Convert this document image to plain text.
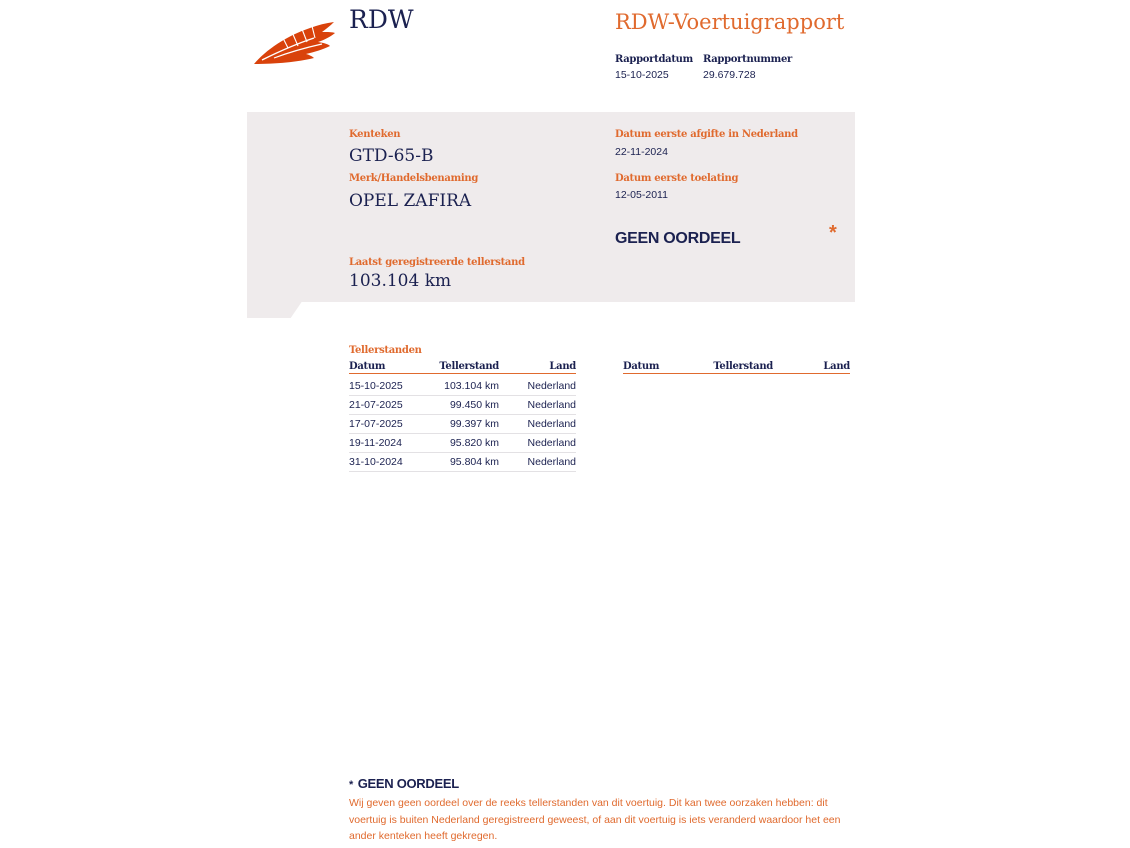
RDW	RDW-Voertuigrapport
Rapportdatum
15-10-2025
Rapportnummer
29.679.728
Kenteken
GTD-65-B
Merk/Handelsbenaming
OPEL ZAFIRA
Datum eerste afgifte in Nederland
22-11-2024
Datum eerste toelating
12-05-2011
GEEN OORDEEL	*
Laatst geregistreerde tellerstand
103.104 km
Tellerstanden
Datum	Tellerstand	Land
15-10-2025	103.104 km	Nederland
21-07-2025	99.450 km	Nederland
17-07-2025	99.397 km	Nederland
19-11-2024	95.820 km	Nederland
31-10-2024	95.804 km	Nederland
Datum	Tellerstand	Land
* GEEN OORDEEL
Wij geven geen oordeel over de reeks tellerstanden van dit voertuig. Dit kan twee oorzaken hebben: dit voertuig is buiten Nederland geregistreerd geweest, of aan dit voertuig is iets veranderd waardoor het een ander kenteken heeft gekregen.
